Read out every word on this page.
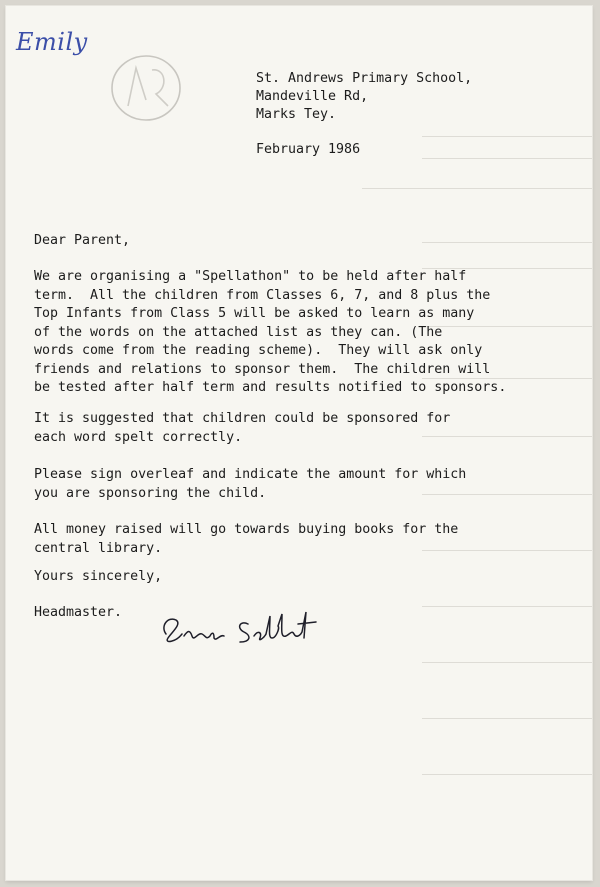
Emily

St. Andrews Primary School,

Mandeville Rd,

Marks Tey.

February 1986

Dear Parent,

We are organising a "Spellathon" to be held after half

term.  All the children from Classes 6, 7, and 8 plus the

Top Infants from Class 5 will be asked to learn as many

of the words on the attached list as they can. (The

words come from the reading scheme).  They will ask only

friends and relations to sponsor them.  The children will

be tested after half term and results notified to sponsors.

It is suggested that children could be sponsored for

each word spelt correctly.

Please sign overleaf and indicate the amount for which

you are sponsoring the child.

All money raised will go towards buying books for the

central library.

Yours sincerely,

Headmaster.
